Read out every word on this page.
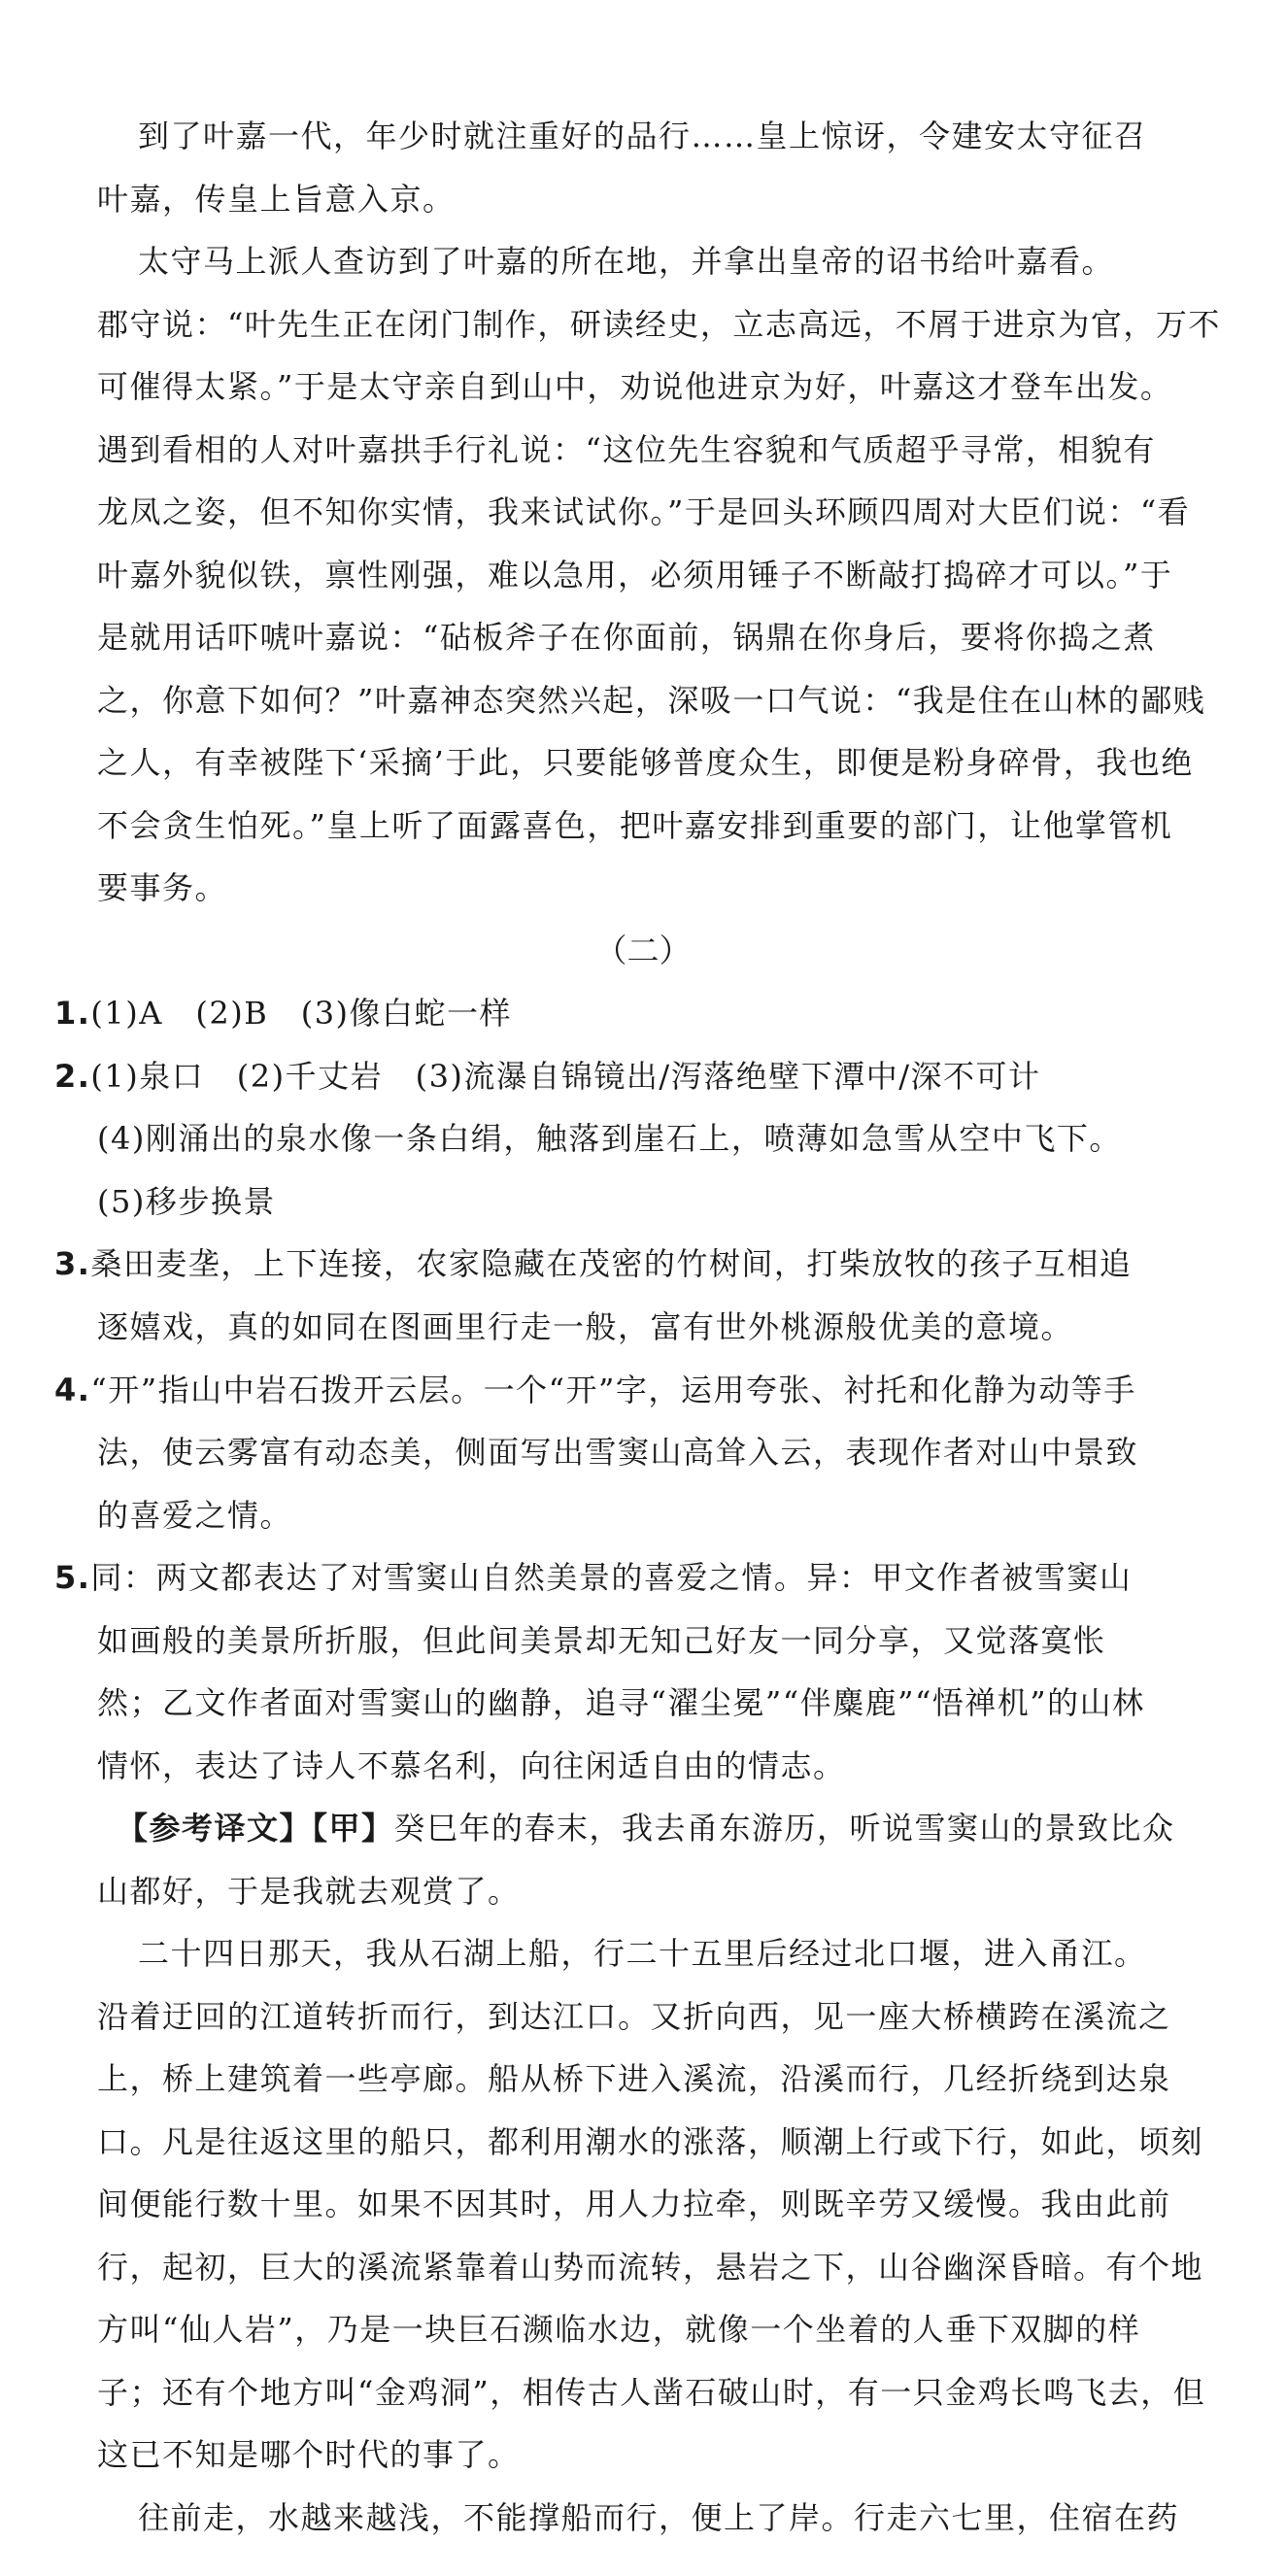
到了叶嘉一代，年少时就注重好的品行……皇上惊讶，令建安太守征召
叶嘉，传皇上旨意入京。
太守马上派人查访到了叶嘉的所在地，并拿出皇帝的诏书给叶嘉看。
郡守说：“叶先生正在闭门制作，研读经史，立志高远，不屑于进京为官，万不
可催得太紧。”于是太守亲自到山中，劝说他进京为好，叶嘉这才登车出发。
遇到看相的人对叶嘉拱手行礼说：“这位先生容貌和气质超乎寻常，相貌有
龙凤之姿，但不知你实情，我来试试你。”于是回头环顾四周对大臣们说：“看
叶嘉外貌似铁，禀性刚强，难以急用，必须用锤子不断敲打捣碎才可以。”于
是就用话吓唬叶嘉说：“砧板斧子在你面前，锅鼎在你身后，要将你捣之煮
之，你意下如何？”叶嘉神态突然兴起，深吸一口气说：“我是住在山林的鄙贱
之人，有幸被陛下‘采摘’于此，只要能够普度众生，即便是粉身碎骨，我也绝
不会贪生怕死。”皇上听了面露喜色，把叶嘉安排到重要的部门，让他掌管机
要事务。
（二）
1.(1)A　(2)B　(3)像白蛇一样
2.(1)泉口　(2)千丈岩　(3)流瀑自锦镜出/泻落绝壁下潭中/深不可计
(4)刚涌出的泉水像一条白绢，触落到崖石上，喷薄如急雪从空中飞下。
(5)移步换景
3.桑田麦垄，上下连接，农家隐藏在茂密的竹树间，打柴放牧的孩子互相追
逐嬉戏，真的如同在图画里行走一般，富有世外桃源般优美的意境。
4.“开”指山中岩石拨开云层。一个“开”字，运用夸张、衬托和化静为动等手
法，使云雾富有动态美，侧面写出雪窦山高耸入云，表现作者对山中景致
的喜爱之情。
5.同：两文都表达了对雪窦山自然美景的喜爱之情。异：甲文作者被雪窦山
如画般的美景所折服，但此间美景却无知己好友一同分享，又觉落寞怅
然；乙文作者面对雪窦山的幽静，追寻“濯尘冕”“伴麋鹿”“悟禅机”的山林
情怀，表达了诗人不慕名利，向往闲适自由的情志。
【参考译文】【甲】癸巳年的春末，我去甬东游历，听说雪窦山的景致比众
山都好，于是我就去观赏了。
二十四日那天，我从石湖上船，行二十五里后经过北口堰，进入甬江。
沿着迂回的江道转折而行，到达江口。又折向西，见一座大桥横跨在溪流之
上，桥上建筑着一些亭廊。船从桥下进入溪流，沿溪而行，几经折绕到达泉
口。凡是往返这里的船只，都利用潮水的涨落，顺潮上行或下行，如此，顷刻
间便能行数十里。如果不因其时，用人力拉牵，则既辛劳又缓慢。我由此前
行，起初，巨大的溪流紧靠着山势而流转，悬岩之下，山谷幽深昏暗。有个地
方叫“仙人岩”，乃是一块巨石濒临水边，就像一个坐着的人垂下双脚的样
子；还有个地方叫“金鸡洞”，相传古人凿石破山时，有一只金鸡长鸣飞去，但
这已不知是哪个时代的事了。
往前走，水越来越浅，不能撑船而行，便上了岸。行走六七里，住宿在药
